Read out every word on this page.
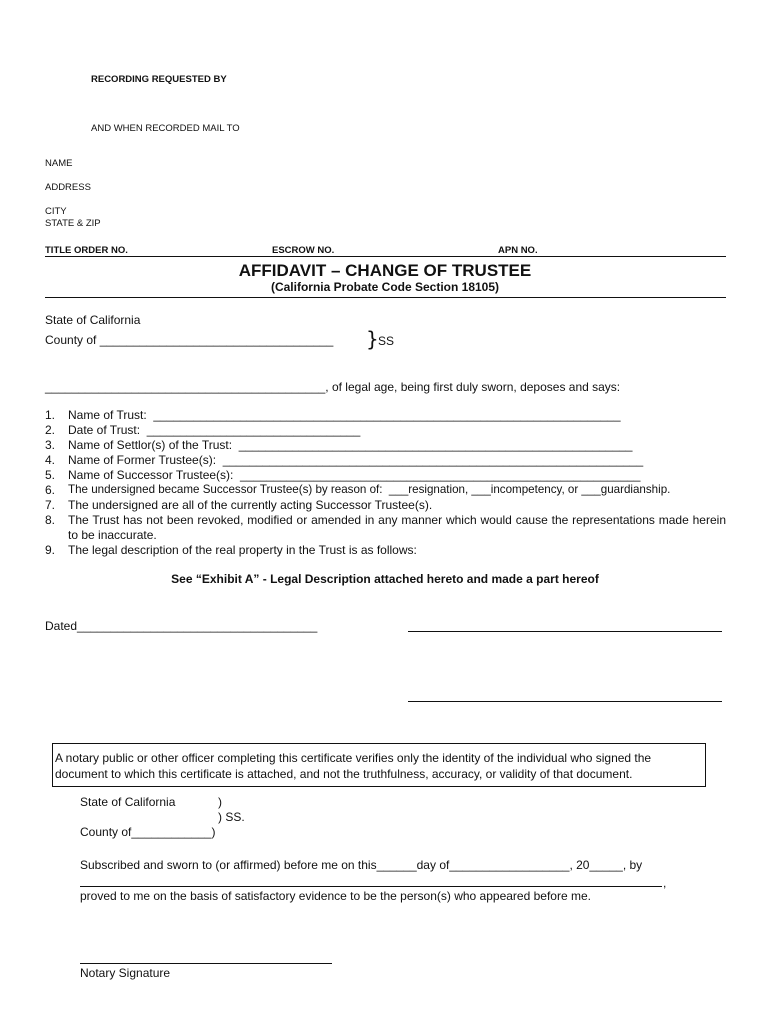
RECORDING REQUESTED BY
AND WHEN RECORDED MAIL TO
NAME
ADDRESS
CITY
STATE & ZIP
TITLE ORDER NO.	ESCROW NO.	APN NO.
AFFIDAVIT – CHANGE OF TRUSTEE
(California Probate Code Section 18105)
State of California
County of ___________________________________ } SS
__________________________________________, of legal age, being first duly sworn, deposes and says:
1. Name of Trust:  ______________________________________________________________________
2. Date of Trust:  ________________________________
3. Name of Settlor(s) of the Trust:  ___________________________________________________________
4. Name of Former Trustee(s):  _______________________________________________________________
5. Name of Successor Trustee(s):  ____________________________________________________________
6. The undersigned became Successor Trustee(s) by reason of:  ___resignation, ___incompetency, or ___guardianship.
7. The undersigned are all of the currently acting Successor Trustee(s).
8. The Trust has not been revoked, modified or amended in any manner which would cause the representations made herein to be inaccurate.
9. The legal description of the real property in the Trust is as follows:
See “Exhibit A” - Legal Description attached hereto and made a part hereof
Dated____________________________________
A notary public or other officer completing this certificate verifies only the identity of the individual who signed the document to which this certificate is attached, and not the truthfulness, accuracy, or validity of that document.
State of California	)
) SS.
County of____________)
Subscribed and sworn to (or affirmed) before me on this______day of__________________, 20_____, by
,
proved to me on the basis of satisfactory evidence to be the person(s) who appeared before me.
Notary Signature
